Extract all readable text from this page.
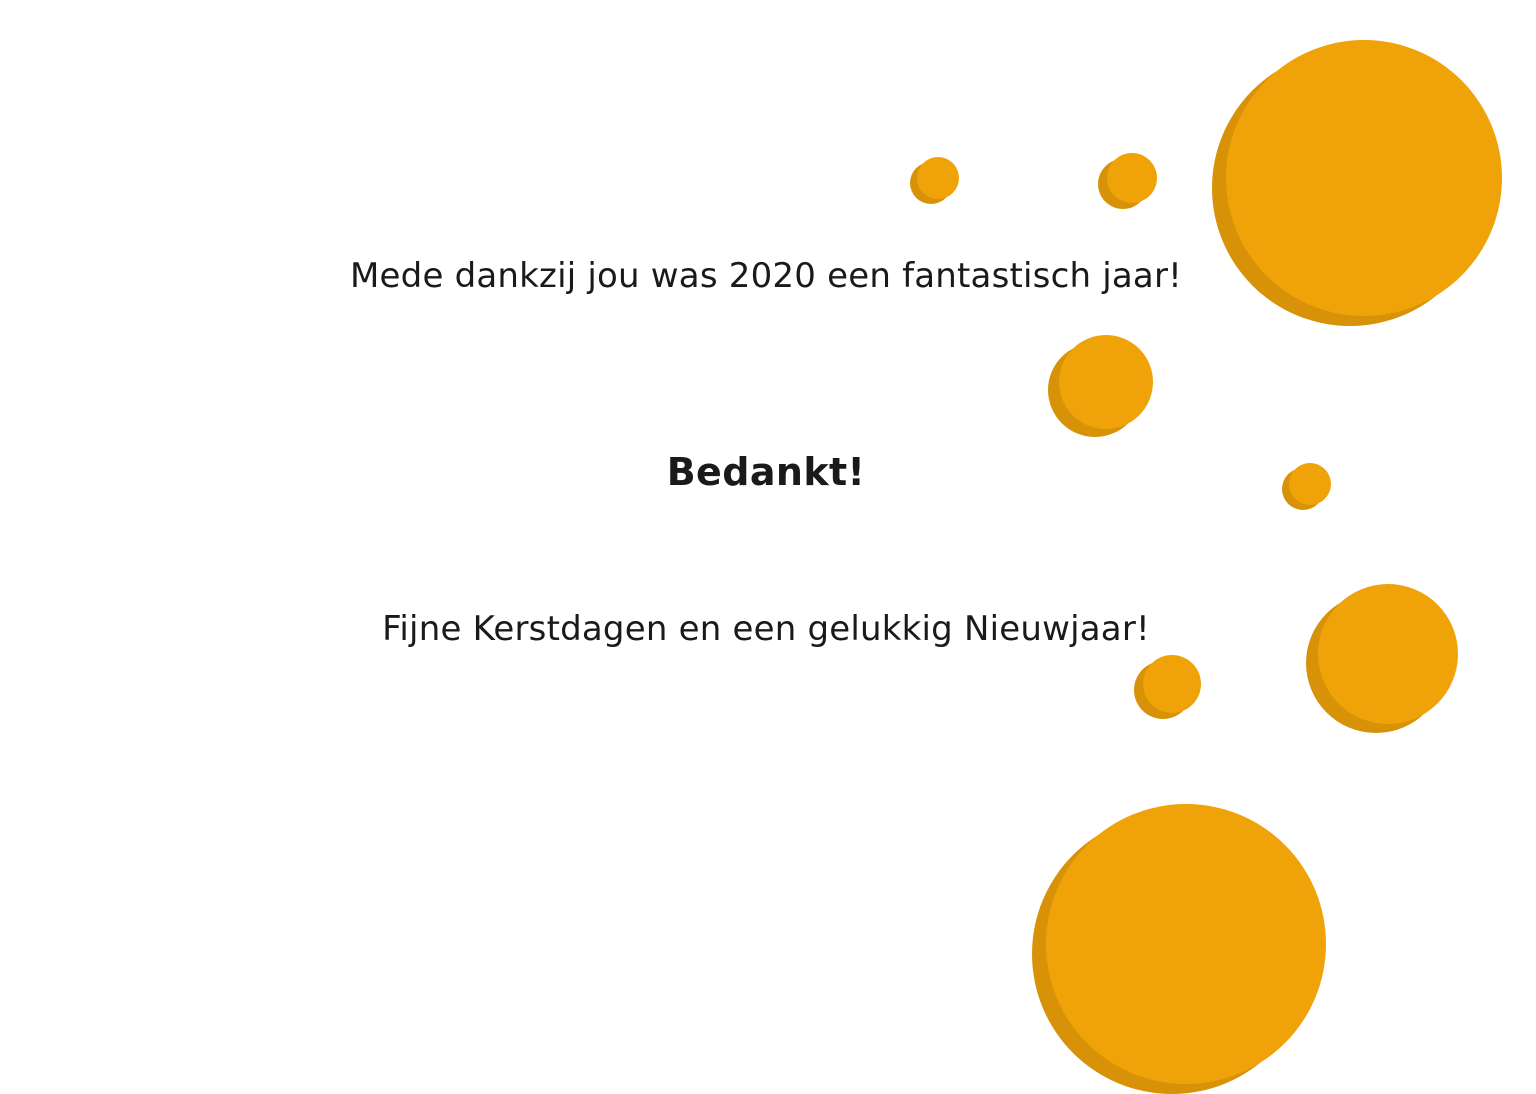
Mede dankzij jou was 2020 een fantastisch jaar!
Bedankt!
Fijne Kerstdagen en een gelukkig Nieuwjaar!
